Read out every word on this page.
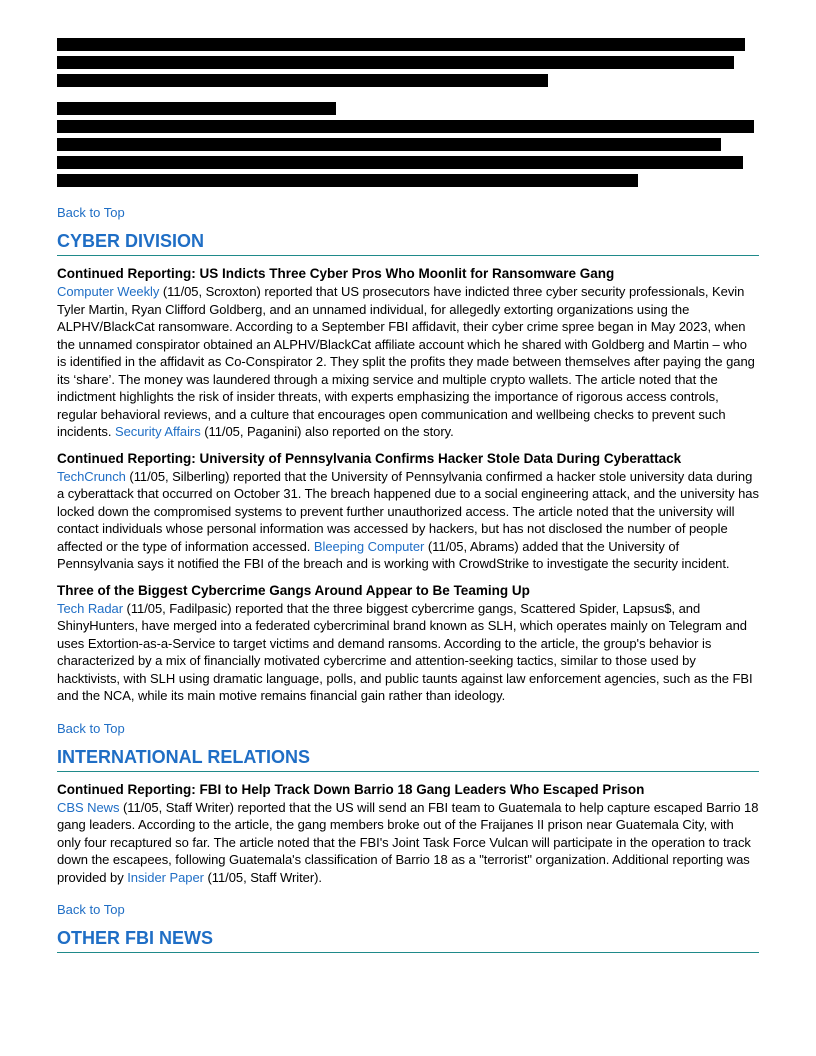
Back to Top
CYBER DIVISION

Continued Reporting: US Indicts Three Cyber Pros Who Moonlit for Ransomware Gang

Computer Weekly (11/05, Scroxton) reported that US prosecutors have indicted three cyber security professionals, Kevin Tyler Martin, Ryan Clifford Goldberg, and an unnamed individual, for allegedly extorting organizations using the ALPHV/BlackCat ransomware. According to a September FBI affidavit, their cyber crime spree began in May 2023, when the unnamed conspirator obtained an ALPHV/BlackCat affiliate account which he shared with Goldberg and Martin – who is identified in the affidavit as Co-Conspirator 2. They split the profits they made between themselves after paying the gang its ‘share’. The money was laundered through a mixing service and multiple crypto wallets. The article noted that the indictment highlights the risk of insider threats, with experts emphasizing the importance of rigorous access controls, regular behavioral reviews, and a culture that encourages open communication and wellbeing checks to prevent such incidents. Security Affairs (11/05, Paganini) also reported on the story.

Continued Reporting: University of Pennsylvania Confirms Hacker Stole Data During Cyberattack

TechCrunch (11/05, Silberling) reported that the University of Pennsylvania confirmed a hacker stole university data during a cyberattack that occurred on October 31. The breach happened due to a social engineering attack, and the university has locked down the compromised systems to prevent further unauthorized access. The article noted that the university will contact individuals whose personal information was accessed by hackers, but has not disclosed the number of people affected or the type of information accessed. Bleeping Computer (11/05, Abrams) added that the University of Pennsylvania says it notified the FBI of the breach and is working with CrowdStrike to investigate the security incident.

Three of the Biggest Cybercrime Gangs Around Appear to Be Teaming Up

Tech Radar (11/05, Fadilpasic) reported that the three biggest cybercrime gangs, Scattered Spider, Lapsus$, and ShinyHunters, have merged into a federated cybercriminal brand known as SLH, which operates mainly on Telegram and uses Extortion-as-a-Service to target victims and demand ransoms. According to the article, the group's behavior is characterized by a mix of financially motivated cybercrime and attention-seeking tactics, similar to those used by hacktivists, with SLH using dramatic language, polls, and public taunts against law enforcement agencies, such as the FBI and the NCA, while its main motive remains financial gain rather than ideology.

Back to Top
INTERNATIONAL RELATIONS

Continued Reporting: FBI to Help Track Down Barrio 18 Gang Leaders Who Escaped Prison

CBS News (11/05, Staff Writer) reported that the US will send an FBI team to Guatemala to help capture escaped Barrio 18 gang leaders. According to the article, the gang members broke out of the Fraijanes II prison near Guatemala City, with only four recaptured so far. The article noted that the FBI's Joint Task Force Vulcan will participate in the operation to track down the escapees, following Guatemala's classification of Barrio 18 as a "terrorist" organization. Additional reporting was provided by Insider Paper (11/05, Staff Writer).

Back to Top
OTHER FBI NEWS
